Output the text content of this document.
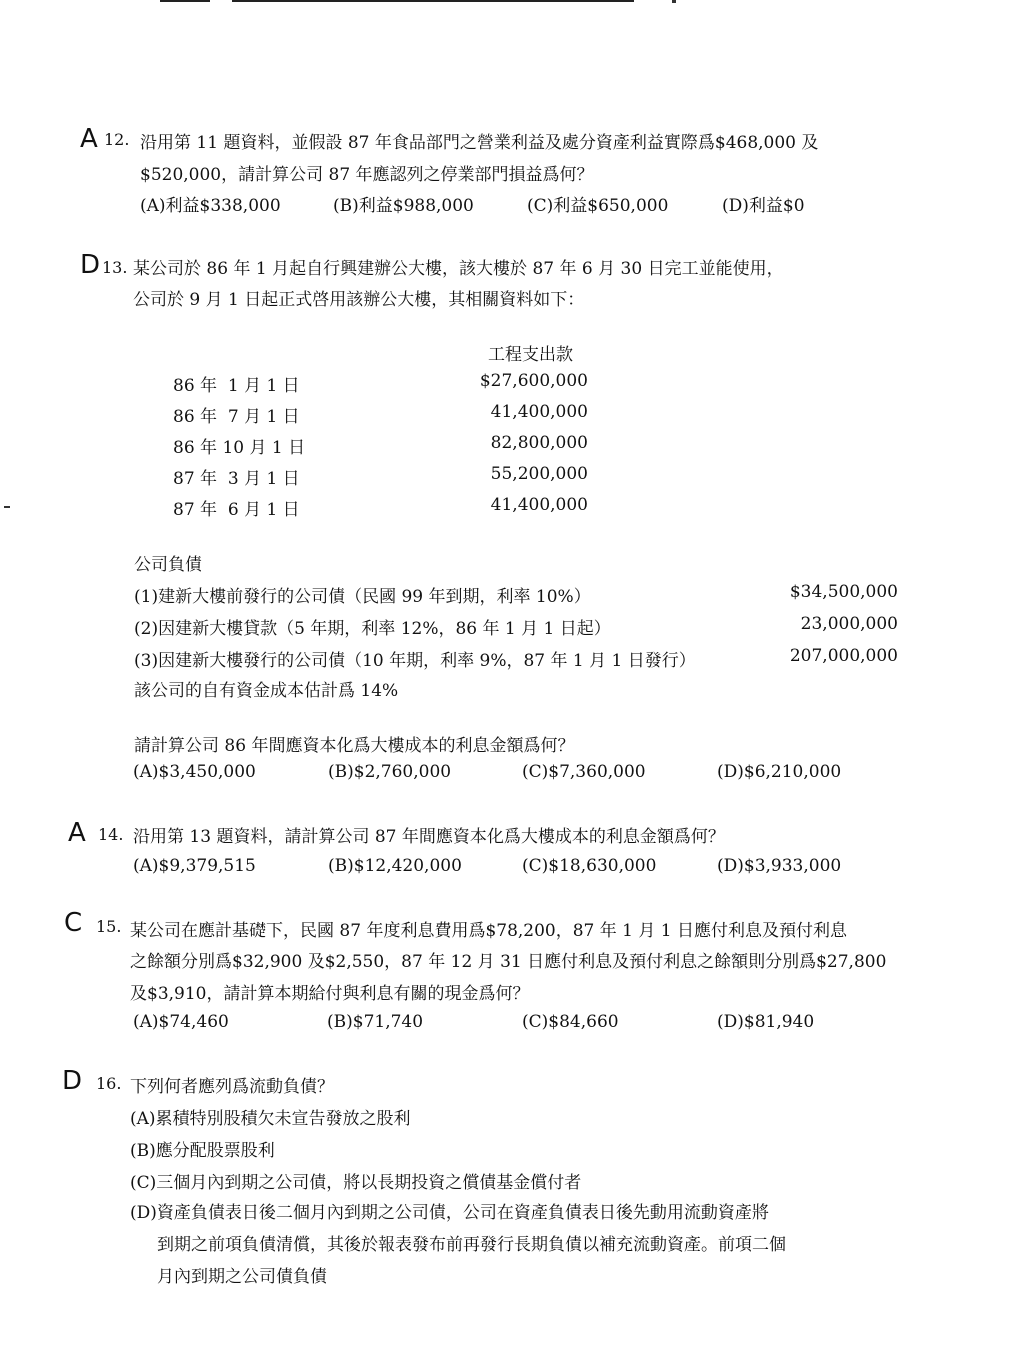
A 12. 沿用第 11 題資料，並假設 87 年食品部門之營業利益及處分資產利益實際爲$468,000 及
$520,000，請計算公司 87 年應認列之停業部門損益爲何？
(A)利益$338,000	(B)利益$988,000	(C)利益$650,000	(D)利益$0
D 13. 某公司於 86 年 1 月起自行興建辦公大樓，該大樓於 87 年 6 月 30 日完工並能使用，
公司於 9 月 1 日起正式啓用該辦公大樓，其相關資料如下：
工程支出款
86 年  1 月 1 日	$27,600,000
86 年  7 月 1 日	41,400,000
86 年 10 月 1 日	82,800,000
87 年  3 月 1 日	55,200,000
87 年  6 月 1 日	41,400,000
公司負債
(1)建新大樓前發行的公司債（民國 99 年到期，利率 10%）	$34,500,000
(2)因建新大樓貸款（5 年期，利率 12%，86 年 1 月 1 日起）	23,000,000
(3)因建新大樓發行的公司債（10 年期，利率 9%，87 年 1 月 1 日發行）	207,000,000
該公司的自有資金成本估計爲 14%
請計算公司 86 年間應資本化爲大樓成本的利息金額爲何？
(A)$3,450,000	(B)$2,760,000	(C)$7,360,000	(D)$6,210,000
A 14. 沿用第 13 題資料，請計算公司 87 年間應資本化爲大樓成本的利息金額爲何？
(A)$9,379,515	(B)$12,420,000	(C)$18,630,000	(D)$3,933,000
C 15. 某公司在應計基礎下，民國 87 年度利息費用爲$78,200，87 年 1 月 1 日應付利息及預付利息
之餘額分別爲$32,900 及$2,550，87 年 12 月 31 日應付利息及預付利息之餘額則分別爲$27,800
及$3,910，請計算本期給付與利息有關的現金爲何？
(A)$74,460	(B)$71,740	(C)$84,660	(D)$81,940
D 16. 下列何者應列爲流動負債？
(A)累積特別股積欠未宣告發放之股利
(B)應分配股票股利
(C)三個月內到期之公司債，將以長期投資之償債基金償付者
(D)資產負債表日後二個月內到期之公司債，公司在資產負債表日後先動用流動資產將
到期之前項負債清償，其後於報表發布前再發行長期負債以補充流動資產。前項二個
月內到期之公司債負債
